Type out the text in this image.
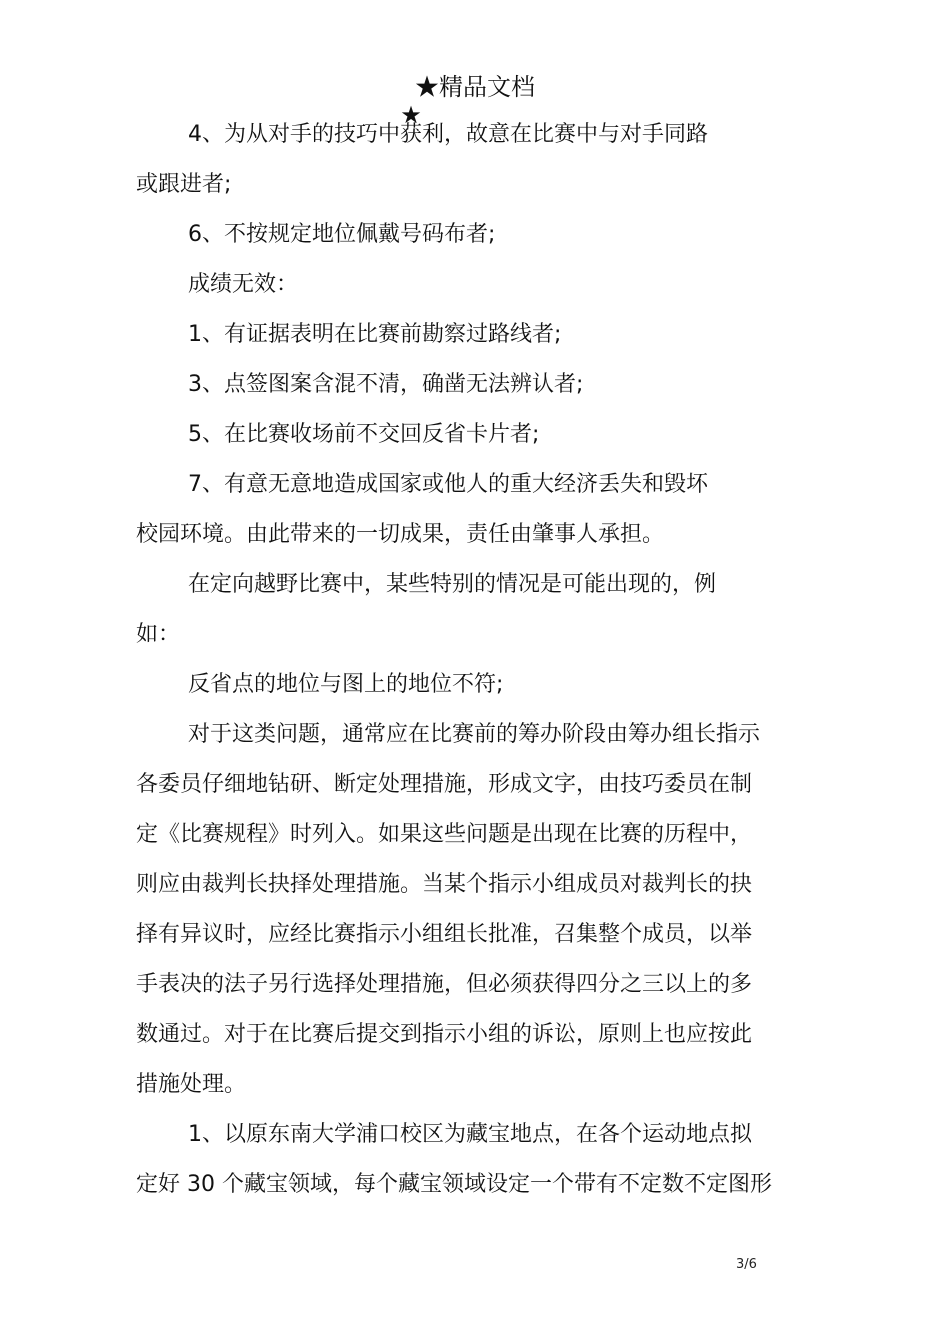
★精品文档
★
4、为从对手的技巧中获利，故意在比赛中与对手同路
或跟进者;
6、不按规定地位佩戴号码布者;
成绩无效：
1、有证据表明在比赛前勘察过路线者;
3、点签图案含混不清，确凿无法辨认者;
5、在比赛收场前不交回反省卡片者;
7、有意无意地造成国家或他人的重大经济丢失和毁坏
校园环境。由此带来的一切成果，责任由肇事人承担。
在定向越野比赛中，某些特别的情况是可能出现的，例
如：
反省点的地位与图上的地位不符;
对于这类问题，通常应在比赛前的筹办阶段由筹办组长指示
各委员仔细地钻研、断定处理措施，形成文字，由技巧委员在制
定《比赛规程》时列入。如果这些问题是出现在比赛的历程中，
则应由裁判长抉择处理措施。当某个指示小组成员对裁判长的抉
择有异议时，应经比赛指示小组组长批准，召集整个成员，以举
手表决的法子另行选择处理措施，但必须获得四分之三以上的多
数通过。对于在比赛后提交到指示小组的诉讼，原则上也应按此
措施处理。
1、以原东南大学浦口校区为藏宝地点，在各个运动地点拟
定好 30 个藏宝领域，每个藏宝领域设定一个带有不定数不定图形
3/6
